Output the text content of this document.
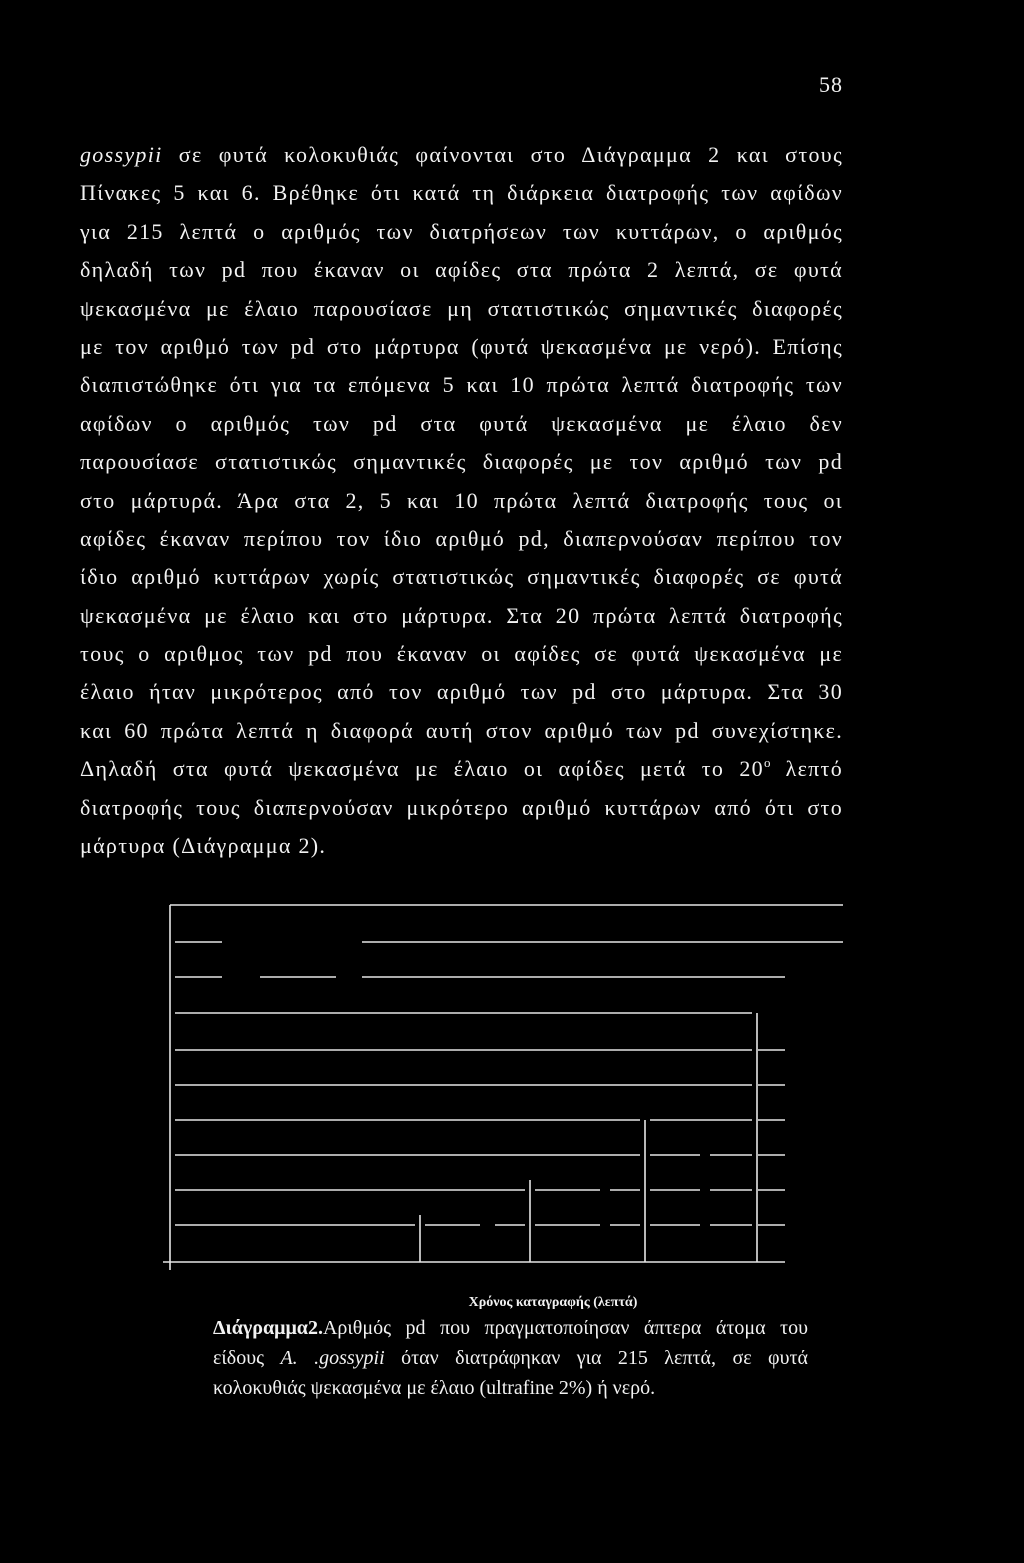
58
gossypii σε φυτά κολοκυθιάς φαίνονται στο Διάγραμμα 2 και στους
Πίνακες 5 και 6. Βρέθηκε ότι κατά τη διάρκεια διατροφής των αφίδων
για 215 λεπτά ο αριθμός των διατρήσεων των κυττάρων, ο αριθμός
δηλαδή των pd που έκαναν οι αφίδες στα πρώτα 2 λεπτά, σε φυτά
ψεκασμένα με έλαιο παρουσίασε μη στατιστικώς σημαντικές διαφορές
με τον αριθμό των pd στο μάρτυρα (φυτά ψεκασμένα με νερό). Επίσης
διαπιστώθηκε ότι για τα επόμενα 5 και 10 πρώτα λεπτά διατροφής των
αφίδων ο αριθμός των pd στα φυτά ψεκασμένα με έλαιο δεν
παρουσίασε στατιστικώς σημαντικές διαφορές με τον αριθμό των pd
στο μάρτυρά. Άρα στα 2, 5 και 10 πρώτα λεπτά διατροφής τους οι
αφίδες έκαναν περίπου τον ίδιο αριθμό pd, διαπερνούσαν περίπου τον
ίδιο αριθμό κυττάρων χωρίς στατιστικώς σημαντικές διαφορές σε φυτά
ψεκασμένα με έλαιο και στο μάρτυρα. Στα 20 πρώτα λεπτά διατροφής
τους ο αριθμος των pd που έκαναν οι αφίδες σε φυτά ψεκασμένα με
έλαιο ήταν μικρότερος από τον αριθμό των pd στο μάρτυρα. Στα 30
και 60 πρώτα λεπτά η διαφορά αυτή στον αριθμό των pd συνεχίστηκε.
Δηλαδή στα φυτά ψεκασμένα με έλαιο οι αφίδες μετά το $20^o$ λεπτό
διατροφής τους διαπερνούσαν μικρότερο αριθμό κυττάρων από ότι στο
μάρτυρα (Διάγραμμα 2).
Χρόνος καταγραφής (λεπτά)
Διάγραμμα2.Αριθμός pd που πραγματοποίησαν άπτερα άτομα του
είδους A. .gossypii όταν διατράφηκαν για 215 λεπτά, σε φυτά
κολοκυθιάς ψεκασμένα με έλαιο (ultrafine 2%) ή νερό.
